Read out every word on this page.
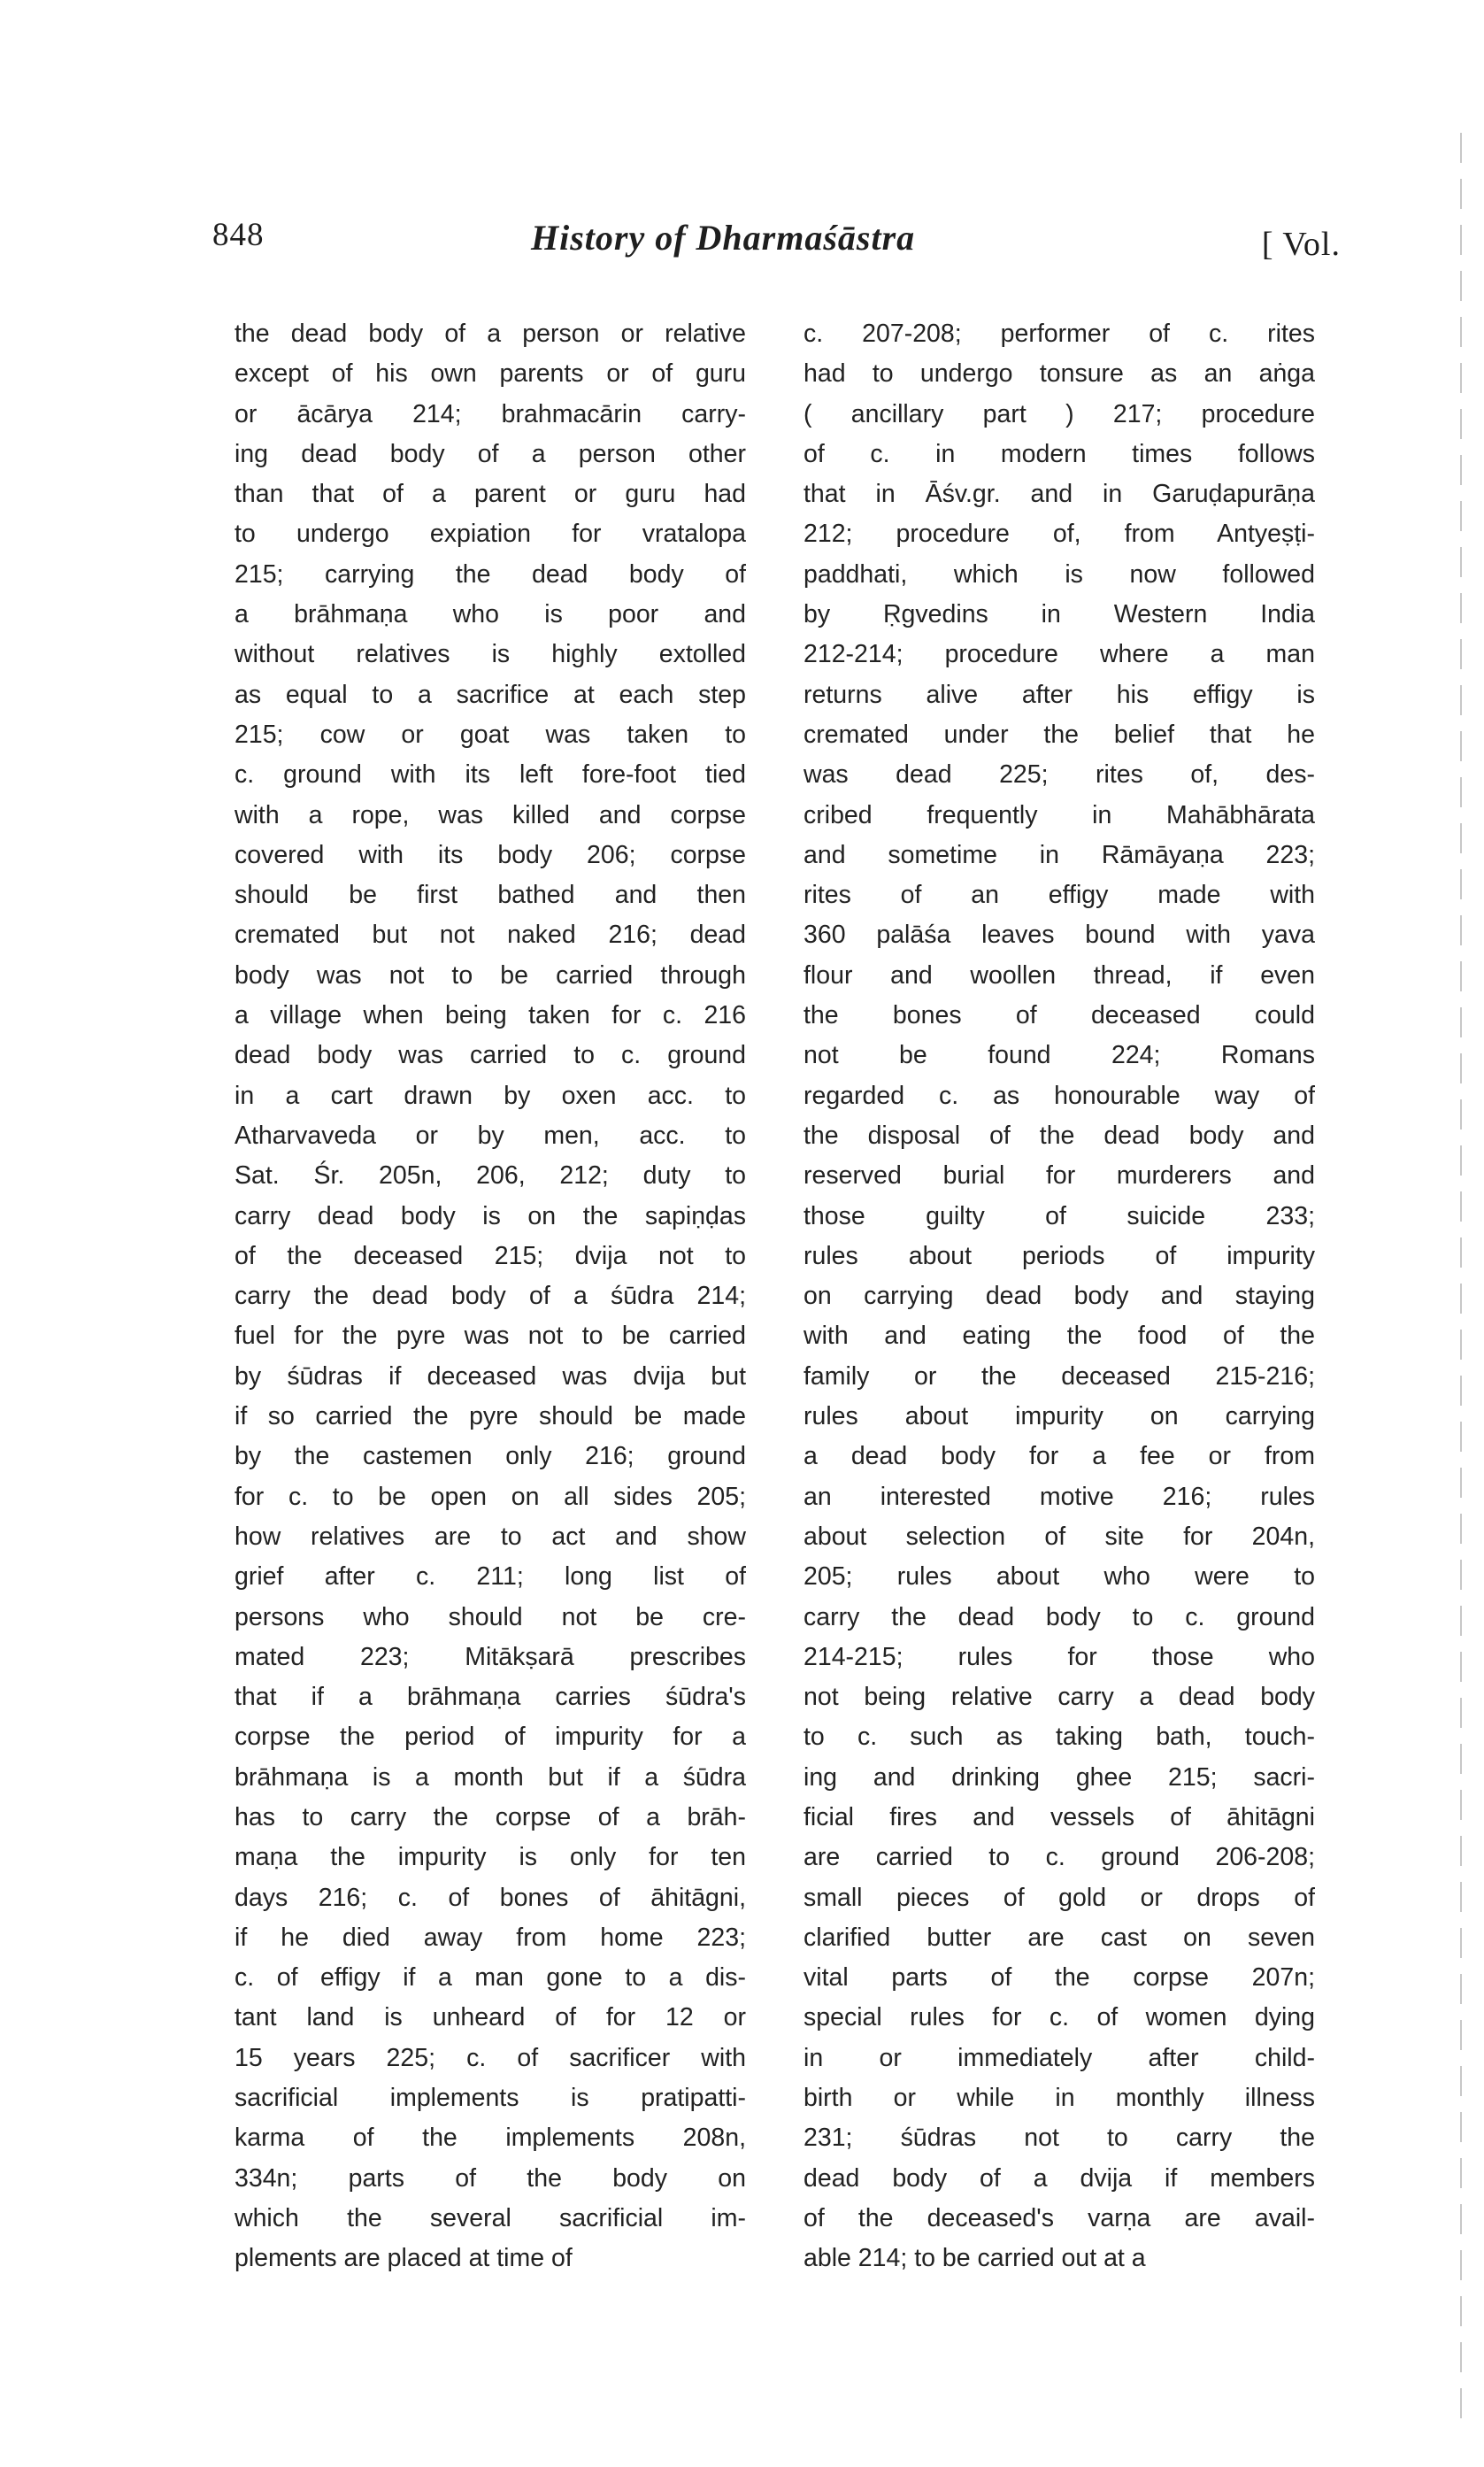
848	History of Dharmaśāstra	[ Vol.
the dead body of a person or relative
except of his own parents or of guru
or ācārya 214; brahmacārin carry-
ing dead body of a person other
than that of a parent or guru had
to undergo expiation for vratalopa
215; carrying the dead body of
a brāhmaṇa who is poor and
without relatives is highly extolled
as equal to a sacrifice at each step
215; cow or goat was taken to
c. ground with its left fore-foot tied
with a rope, was killed and corpse
covered with its body 206; corpse
should be first bathed and then
cremated but not naked 216; dead
body was not to be carried through
a village when being taken for c. 216
dead body was carried to c. ground
in a cart drawn by oxen acc. to
Atharvaveda or by men, acc. to
Sat. Śr. 205n, 206, 212; duty to
carry dead body is on the sapiṇḍas
of the deceased 215; dvija not to
carry the dead body of a śūdra 214;
fuel for the pyre was not to be carried
by śūdras if deceased was dvija but
if so carried the pyre should be made
by the castemen only 216; ground
for c. to be open on all sides 205;
how relatives are to act and show
grief after c. 211; long list of
persons who should not be cre-
mated 223; Mitākṣarā prescribes
that if a brāhmaṇa carries śūdra's
corpse the period of impurity for a
brāhmaṇa is a month but if a śūdra
has to carry the corpse of a brāh-
maṇa the impurity is only for ten
days 216; c. of bones of āhitāgni,
if he died away from home 223;
c. of effigy if a man gone to a dis-
tant land is unheard of for 12 or
15 years 225; c. of sacrificer with
sacrificial implements is pratipatti-
karma of the implements 208n,
334n; parts of the body on
which the several sacrificial im-
plements are placed at time of
c. 207-208; performer of c. rites
had to undergo tonsure as an aṅga
( ancillary part ) 217; procedure
of c. in modern times follows
that in Āśv.gr. and in Garuḍapurāṇa
212; procedure of, from Antyeṣṭi-
paddhati, which is now followed
by Ṛgvedins in Western India
212-214; procedure where a man
returns alive after his effigy is
cremated under the belief that he
was dead 225; rites of, des-
cribed frequently in Mahābhārata
and sometime in Rāmāyaṇa 223;
rites of an effigy made with
360 palāśa leaves bound with yava
flour and woollen thread, if even
the bones of deceased could
not be found 224; Romans
regarded c. as honourable way of
the disposal of the dead body and
reserved burial for murderers and
those guilty of suicide 233;
rules about periods of impurity
on carrying dead body and staying
with and eating the food of the
family or the deceased 215-216;
rules about impurity on carrying
a dead body for a fee or from
an interested motive 216; rules
about selection of site for 204n,
205; rules about who were to
carry the dead body to c. ground
214-215; rules for those who
not being relative carry a dead body
to c. such as taking bath, touch-
ing and drinking ghee 215; sacri-
ficial fires and vessels of āhitāgni
are carried to c. ground 206-208;
small pieces of gold or drops of
clarified butter are cast on seven
vital parts of the corpse 207n;
special rules for c. of women dying
in or immediately after child-
birth or while in monthly illness
231; śūdras not to carry the
dead body of a dvija if members
of the deceased's varṇa are avail-
able 214; to be carried out at a
